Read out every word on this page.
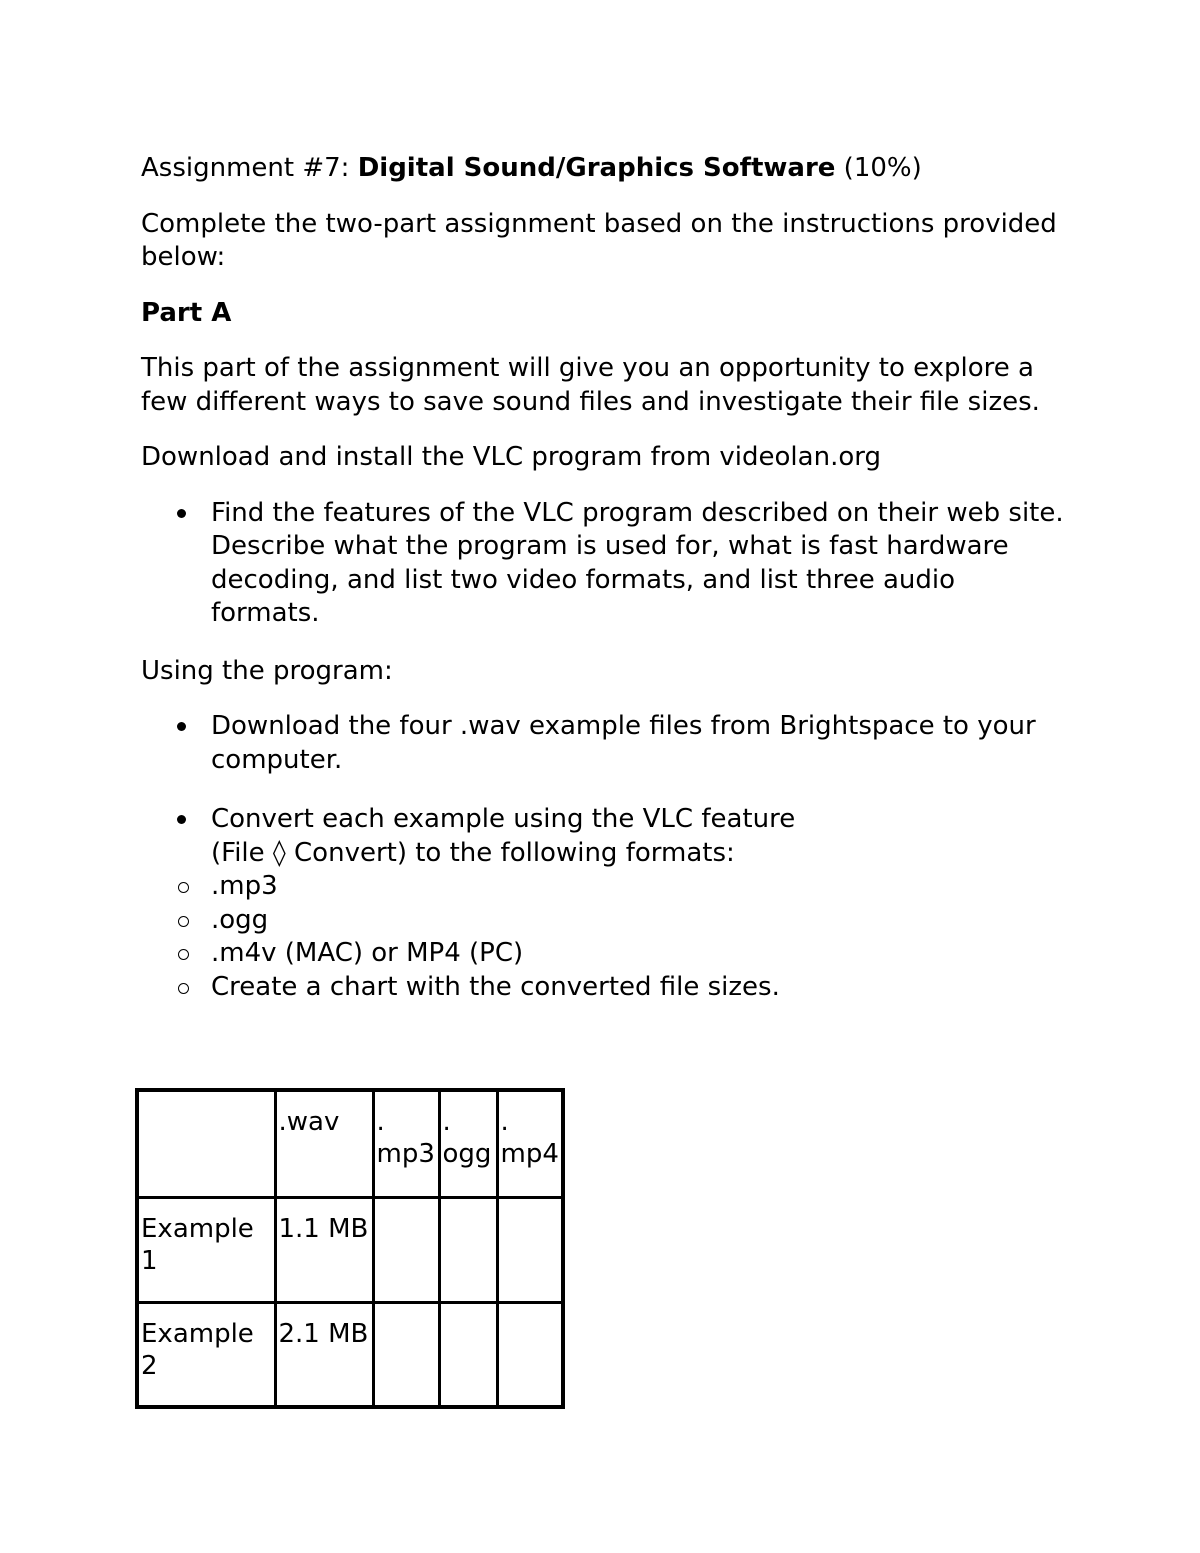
Assignment #7: Digital Sound/Graphics Software (10%)

Complete the two-part assignment based on the instructions provided below:

Part A

This part of the assignment will give you an opportunity to explore a few different ways to save sound files and investigate their file sizes.

Download and install the VLC program from videolan.org

Find the features of the VLC program described on their web site. Describe what the program is used for, what is fast hardware decoding, and list two video formats, and list three audio formats.

Using the program:

Download the four .wav example files from Brightspace to your computer.
Convert each example using the VLC feature
(File ◊ Convert) to the following formats:
.mp3
.ogg
.m4v (MAC) or MP4 (PC)
Create a chart with the converted file sizes.
	.wav	. mp3	. ogg	. mp4
Example 1	1.1 MB			
Example 2	2.1 MB			
